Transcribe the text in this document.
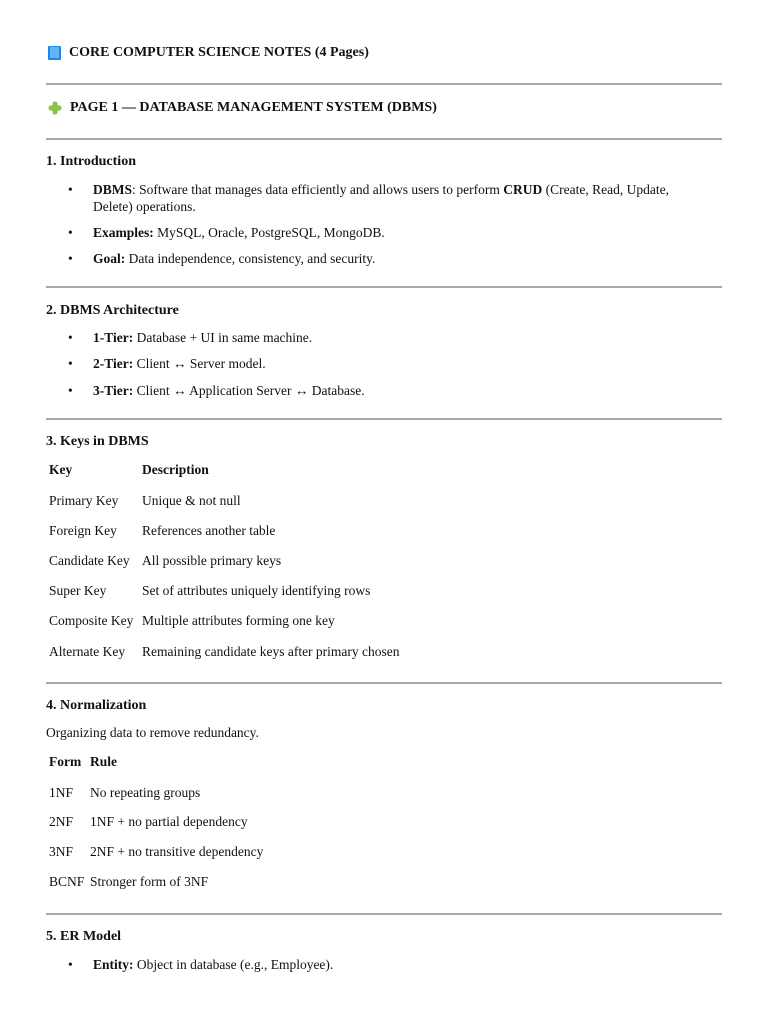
CORE COMPUTER SCIENCE NOTES (4 Pages)
PAGE 1 — DATABASE MANAGEMENT SYSTEM (DBMS)
1. Introduction
• DBMS: Software that manages data efficiently and allows users to perform CRUD (Create, Read, Update,
Delete) operations.
• Examples: MySQL, Oracle, PostgreSQL, MongoDB.
• Goal: Data independence, consistency, and security.
2. DBMS Architecture
• 1-Tier: Database + UI in same machine.
• 2-Tier: Client ↔ Server model.
• 3-Tier: Client ↔ Application Server ↔ Database.
3. Keys in DBMS
Key	Description
Primary Key Unique & not null
Foreign Key References another table
Candidate Key All possible primary keys
Super Key	Set of attributes uniquely identifying rows
Composite Key Multiple attributes forming one key
Alternate Key Remaining candidate keys after primary chosen
4. Normalization
Organizing data to remove redundancy.
Form Rule
1NF No repeating groups
2NF 1NF + no partial dependency
3NF 2NF + no transitive dependency
BCNF Stronger form of 3NF
5. ER Model
• Entity: Object in database (e.g., Employee).
